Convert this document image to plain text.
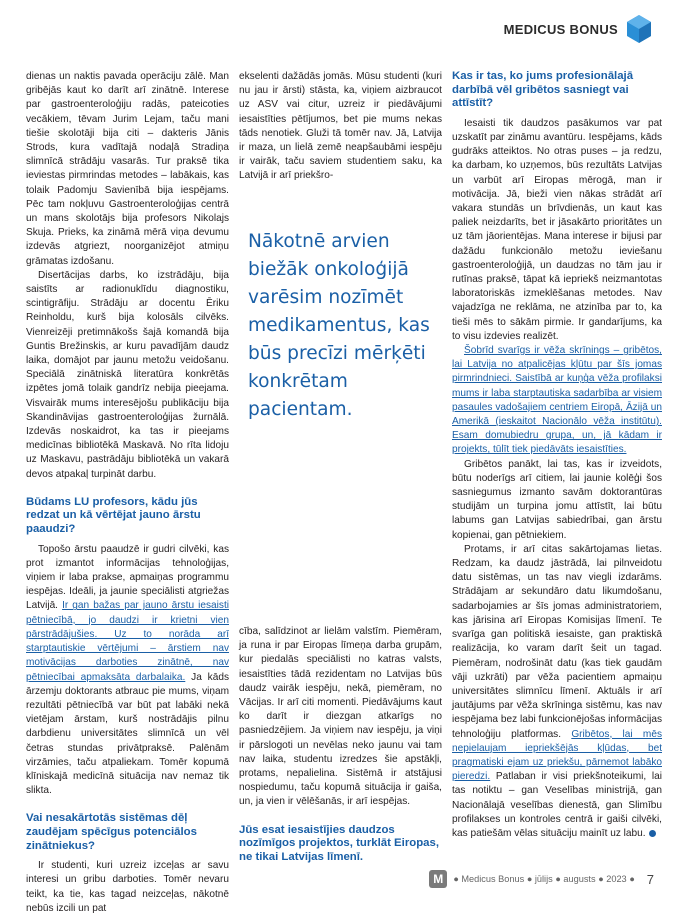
MEDICUS BONUS

dienas un naktis pavada operāciju zālē. Man gribējās kaut ko darīt arī zinātnē. Interese par gastroenteroloģiju radās, pateicoties vecākiem, tēvam Jurim Lejam, taču mani tiešie skolotāji bija citi – dakteris Jānis Strods, kura vadītajā nodaļā Stradiņa slimnīcā strādāju vasarās. Tur praksē tika ieviestas pirmrindas metodes – labākais, kas tolaik Padomju Savienībā bija iespējams. Pēc tam nokļuvu Gastroenteroloģijas centrā un mans skolotājs bija profesors Nikolajs Skuja. Prieks, ka zināmā mērā viņa devumu izdevās atgriezt, noorganizējot atmiņu grāmatas izdošanu.

Disertācijas darbs, ko izstrādāju, bija saistīts ar radionuklīdu diagnostiku, scintigrāfiju. Strādāju ar docentu Ēriku Reinholdu, kurš bija kolosāls cilvēks. Vienreizēji pretimnākošs šajā komandā bija Guntis Brežinskis, ar kuru pavadījām daudz laika, domājot par jaunu metožu veidošanu. Speciālā zinātniskā literatūra konkrētās izpētes jomā tolaik gandrīz nebija pieejama. Visvairāk mums interesējošu publikāciju bija Skandināvijas gastroenteroloģijas žurnālā. Izdevās noskaidrot, ka tas ir pieejams medicīnas bibliotēkā Maskavā. No rīta lidoju uz Maskavu, pastrādāju bibliotēkā un vakarā devos atpakaļ turpināt darbu.

Būdams LU profesors, kādu jūs redzat un kā vērtējat jauno ārstu paaudzi?

Topošo ārstu paaudzē ir gudri cilvēki, kas prot izmantot informācijas tehnoloģijas, viņiem ir laba prakse, apmaiņas programmu iespējas. Ideāli, ja jaunie speciālisti atgriežas Latvijā. Ir gan bažas par jauno ārstu iesaisti pētniecībā, jo daudzi ir krietni vien pārstrādājušies. Uz to norāda arī starptautiskie vērtējumi – ārstiem nav motivācijas darboties zinātnē, nav pētniecībai apmaksāta darbalaika. Ja kāds ārzemju doktorants atbrauc pie mums, viņam rezultāti pētniecībā var būt pat labāki nekā vietējam ārstam, kurš nostrādājis pilnu darbdienu universitātes slimnīcā un vēl četras stundas privātpraksē. Palēnām virzāmies, taču atpaliekam. Tomēr kopumā klīniskajā medicīnā situācija nav nemaz tik slikta.

Vai nesakārtotās sistēmas dēļ zaudējam spēcīgus potenciālos zinātniekus?

Ir studenti, kuri uzreiz izceļas ar savu interesi un gribu darboties. Tomēr nevaru teikt, ka tie, kas tagad neizceļas, nākotnē nebūs izcili un pat

ekselenti dažādās jomās. Mūsu studenti (kuri nu jau ir ārsti) stāsta, ka, viņiem aizbraucot uz ASV vai citur, uzreiz ir piedāvājumi iesaistīties pētījumos, bet pie mums nekas tāds nenotiek. Gluži tā tomēr nav. Jā, Latvija ir maza, un lielā zemē neapšaubāmi iespēju ir vairāk, taču saviem studentiem saku, ka Latvijā ir arī priekšro-

Nākotnē arvien biežāk onkoloģijā varēsim nozīmēt medikamentus, kas būs precīzi mērķēti konkrētam pacientam.

cība, salīdzinot ar lielām valstīm. Piemēram, ja runa ir par Eiropas līmeņa darba grupām, kur piedalās speciālisti no katras valsts, iesaistīties tādā rezidentam no Latvijas būs daudz vairāk iespēju, nekā, piemēram, no Vācijas. Ir arī citi momenti. Piedāvājums kaut ko darīt ir diezgan atkarīgs no pasniedzējiem. Ja viņiem nav iespēju, ja viņi ir pārslogoti un nevēlas neko jaunu vai tam nav laika, studentu izredzes šie apstākļi, protams, nepalielina. Sistēmā ir atstājusi nospiedumu, taču kopumā situācija ir gaiša, un, ja vien ir vēlēšanās, ir arī iespējas.

Jūs esat iesaistījies daudzos nozīmīgos projektos, turklāt Eiropas, ne tikai Latvijas līmenī.
Kas ir tas, ko jums profesionālajā darbībā vēl gribētos sasniegt vai attīstīt?

Iesaisti tik daudzos pasākumos var pat uzskatīt par zināmu avantūru. Iespējams, kāds gudrāks atteiktos. No otras puses – ja redzu, ka darbam, ko uzņemos, būs rezultāts Latvijas un varbūt arī Eiropas mērogā, man ir motivācija. Jā, bieži vien nākas strādāt arī vakara stundās un brīvdienās, un kaut kas paliek neizdarīts, bet ir jāsakārto prioritātes un uz tām jāorientējas. Mana interese ir bijusi par dažādu funkcionālo metožu ieviešanu gastroenteroloģijā, un daudzas no tām jau ir rutīnas praksē, tāpat kā iepriekš neizmantotas laboratoriskās izmeklēšanas metodes. Nav vajadzīga ne reklāma, ne atzinība par to, ka tieši mēs to sākām pirmie. Ir gandarījums, ka to visu izdevies realizēt.

Šobrīd svarīgs ir vēža skrīnings – gribētos, lai Latvija no atpalicējas kļūtu par šīs jomas pirmrindnieci. Saistībā ar kuņģa vēža profilaksi mums ir laba starptautiska sadarbība ar visiem pasaules vadošajiem centriem Eiropā, Āzijā un Amerikā (ieskaitot Nacionālo vēža institūtu). Esam domubiedru grupa, un, jā kādam ir projekts, tūlīt tiek piedāvāts iesaistīties.

Gribētos panākt, lai tas, kas ir izveidots, būtu noderīgs arī citiem, lai jaunie kolēģi šos sasniegumus izmanto savām doktorantūras studijām un turpina jomu attīstīt, lai būtu labums gan Latvijas sabiedrībai, gan ārstu kopienai, gan pētniekiem.

Protams, ir arī citas sakārtojamas lietas. Redzam, ka daudz jāstrādā, lai pilnveidotu datu sistēmas, un tas nav viegli izdarāms. Strādājam ar sekundāro datu likumdošanu, sadarbojamies ar šīs jomas administratoriem, kas jārisina arī Eiropas Komisijas līmenī. Te svarīga gan politiskā iesaiste, gan praktiskā realizācija, ko varam darīt šeit un tagad. Piemēram, nodrošināt datu (kas tiek gaudām vāji uzkrāti) par vēža pacientiem apmaiņu universitātes slimnīcu līmenī. Aktuāls ir arī jautājums par vēža skrīninga sistēmu, kas nav iespējama bez labi funkcionējošas informācijas tehnoloģiju platformas. Gribētos, lai mēs nepielaujam iepriekšējās kļūdas, bet pragmatiski ejam uz priekšu, pārnemot labāko pieredzi. Patlaban ir visi priekšnoteikumi, lai tas notiktu – gan Veselības ministrijā, gan Nacionālajā veselības dienestā, gan Slimību profilakses un kontroles centrā ir gaiši cilvēki, kas patiešām vēlas situāciju mainīt uz labu.

M	● Medicus Bonus ● jūlijs ● augusts ● 2023 ● 7
